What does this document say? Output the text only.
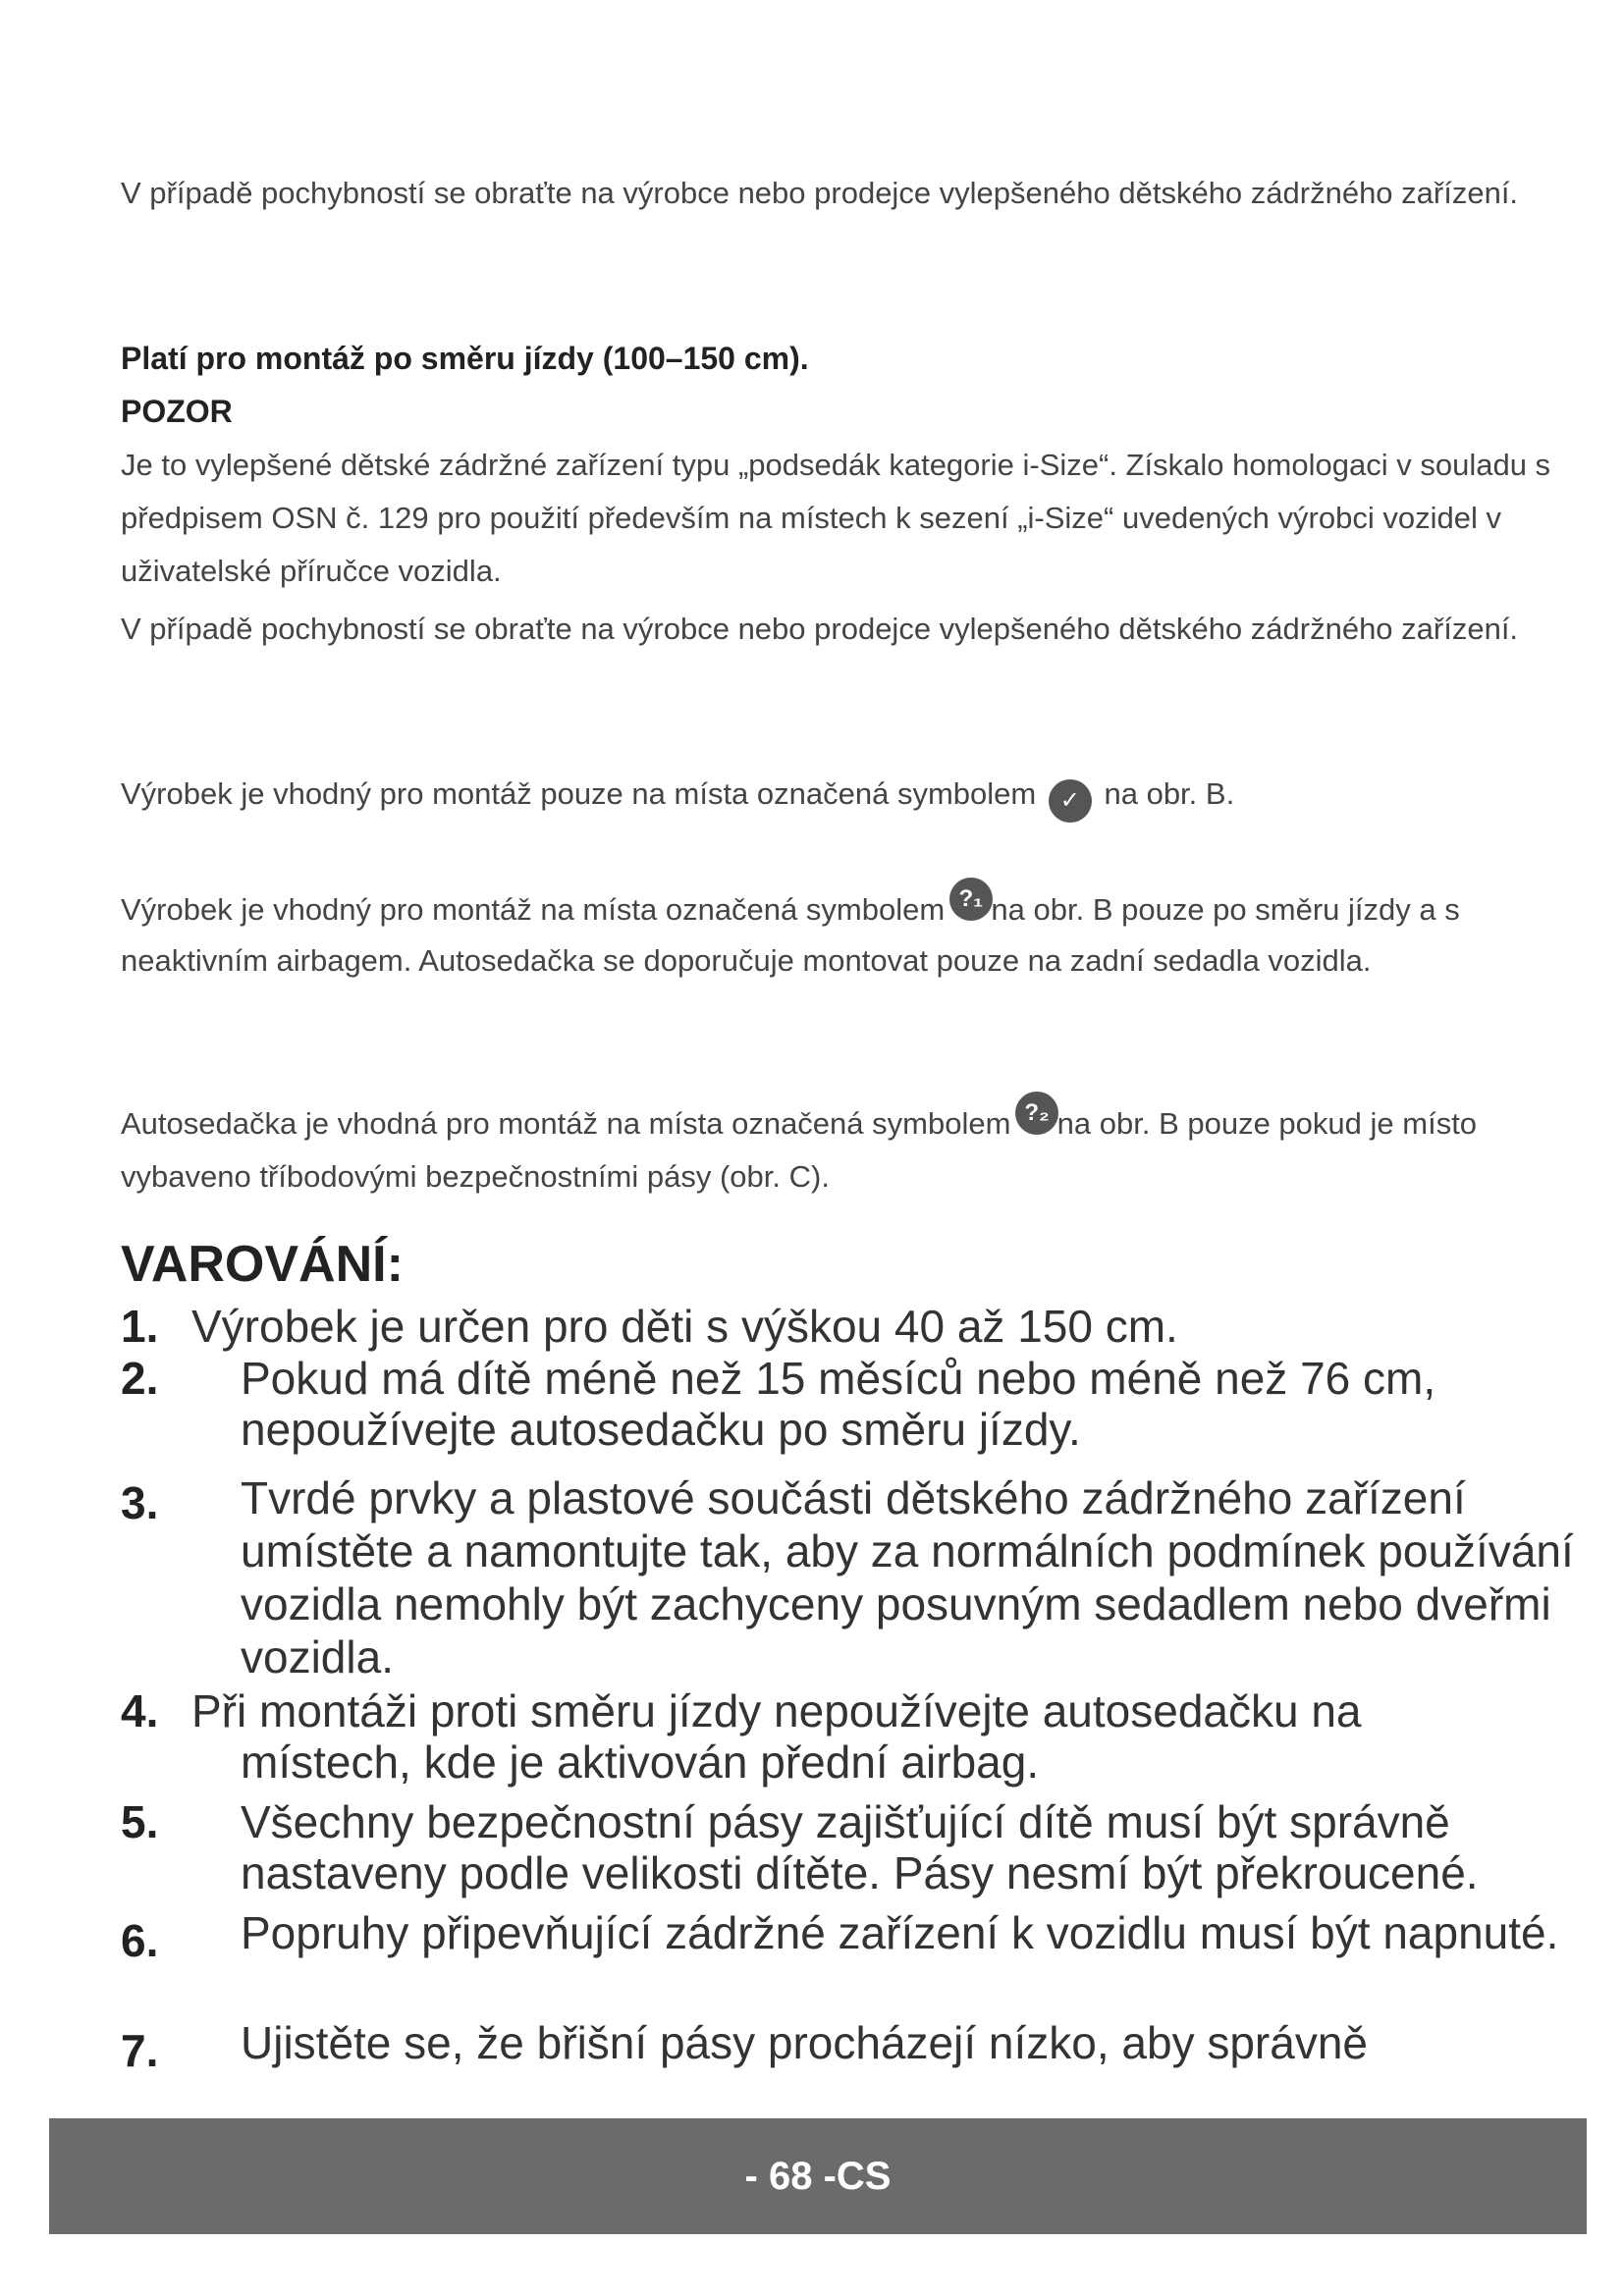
V případě pochybností se obraťte na výrobce nebo prodejce vylepšeného dětského zádržného zařízení.

Platí pro montáž po směru jízdy (100–150 cm).

POZOR

Je to vylepšené dětské zádržné zařízení typu „podsedák kategorie i-Size“. Získalo homologaci v souladu s předpisem OSN č. 129 pro použití především na místech k sezení „i-Size“ uvedených výrobci vozidel v uživatelské příručce vozidla.

V případě pochybností se obraťte na výrobce nebo prodejce vylepšeného dětského zádržného zařízení.

Výrobek je vhodný pro montáž pouze na místa označená symbolem ✓ na obr. B.

Výrobek je vhodný pro montáž na místa označená symbolem ?₁ na obr. B pouze po směru jízdy a s neaktivním airbagem. Autosedačka se doporučuje montovat pouze na zadní sedadla vozidla.

Autosedačka je vhodná pro montáž na místa označená symbolem ?₂ na obr. B pouze pokud je místo vybaveno tříbodovými bezpečnostními pásy (obr. C).

VAROVÁNÍ:
1. Výrobek je určen pro děti s výškou 40 až 150 cm.
2.	Pokud má dítě méně než 15 měsíců nebo méně než 76 cm, nepoužívejte autosedačku po směru jízdy.
3.	Tvrdé prvky a plastové součásti dětského zádržného zařízení umístěte a namontujte tak, aby za normálních podmínek používání vozidla nemohly být zachyceny posuvným sedadlem nebo dveřmi vozidla.
4. Při montáži proti směru jízdy nepoužívejte autosedačku na
místech, kde je aktivován přední airbag.
5.	Všechny bezpečnostní pásy zajišťující dítě musí být správně nastaveny podle velikosti dítěte. Pásy nesmí být překroucené.
6.	Popruhy připevňující zádržné zařízení k vozidlu musí být napnuté.
7.	Ujistěte se, že břišní pásy procházejí nízko, aby správně
- 68 -CS
